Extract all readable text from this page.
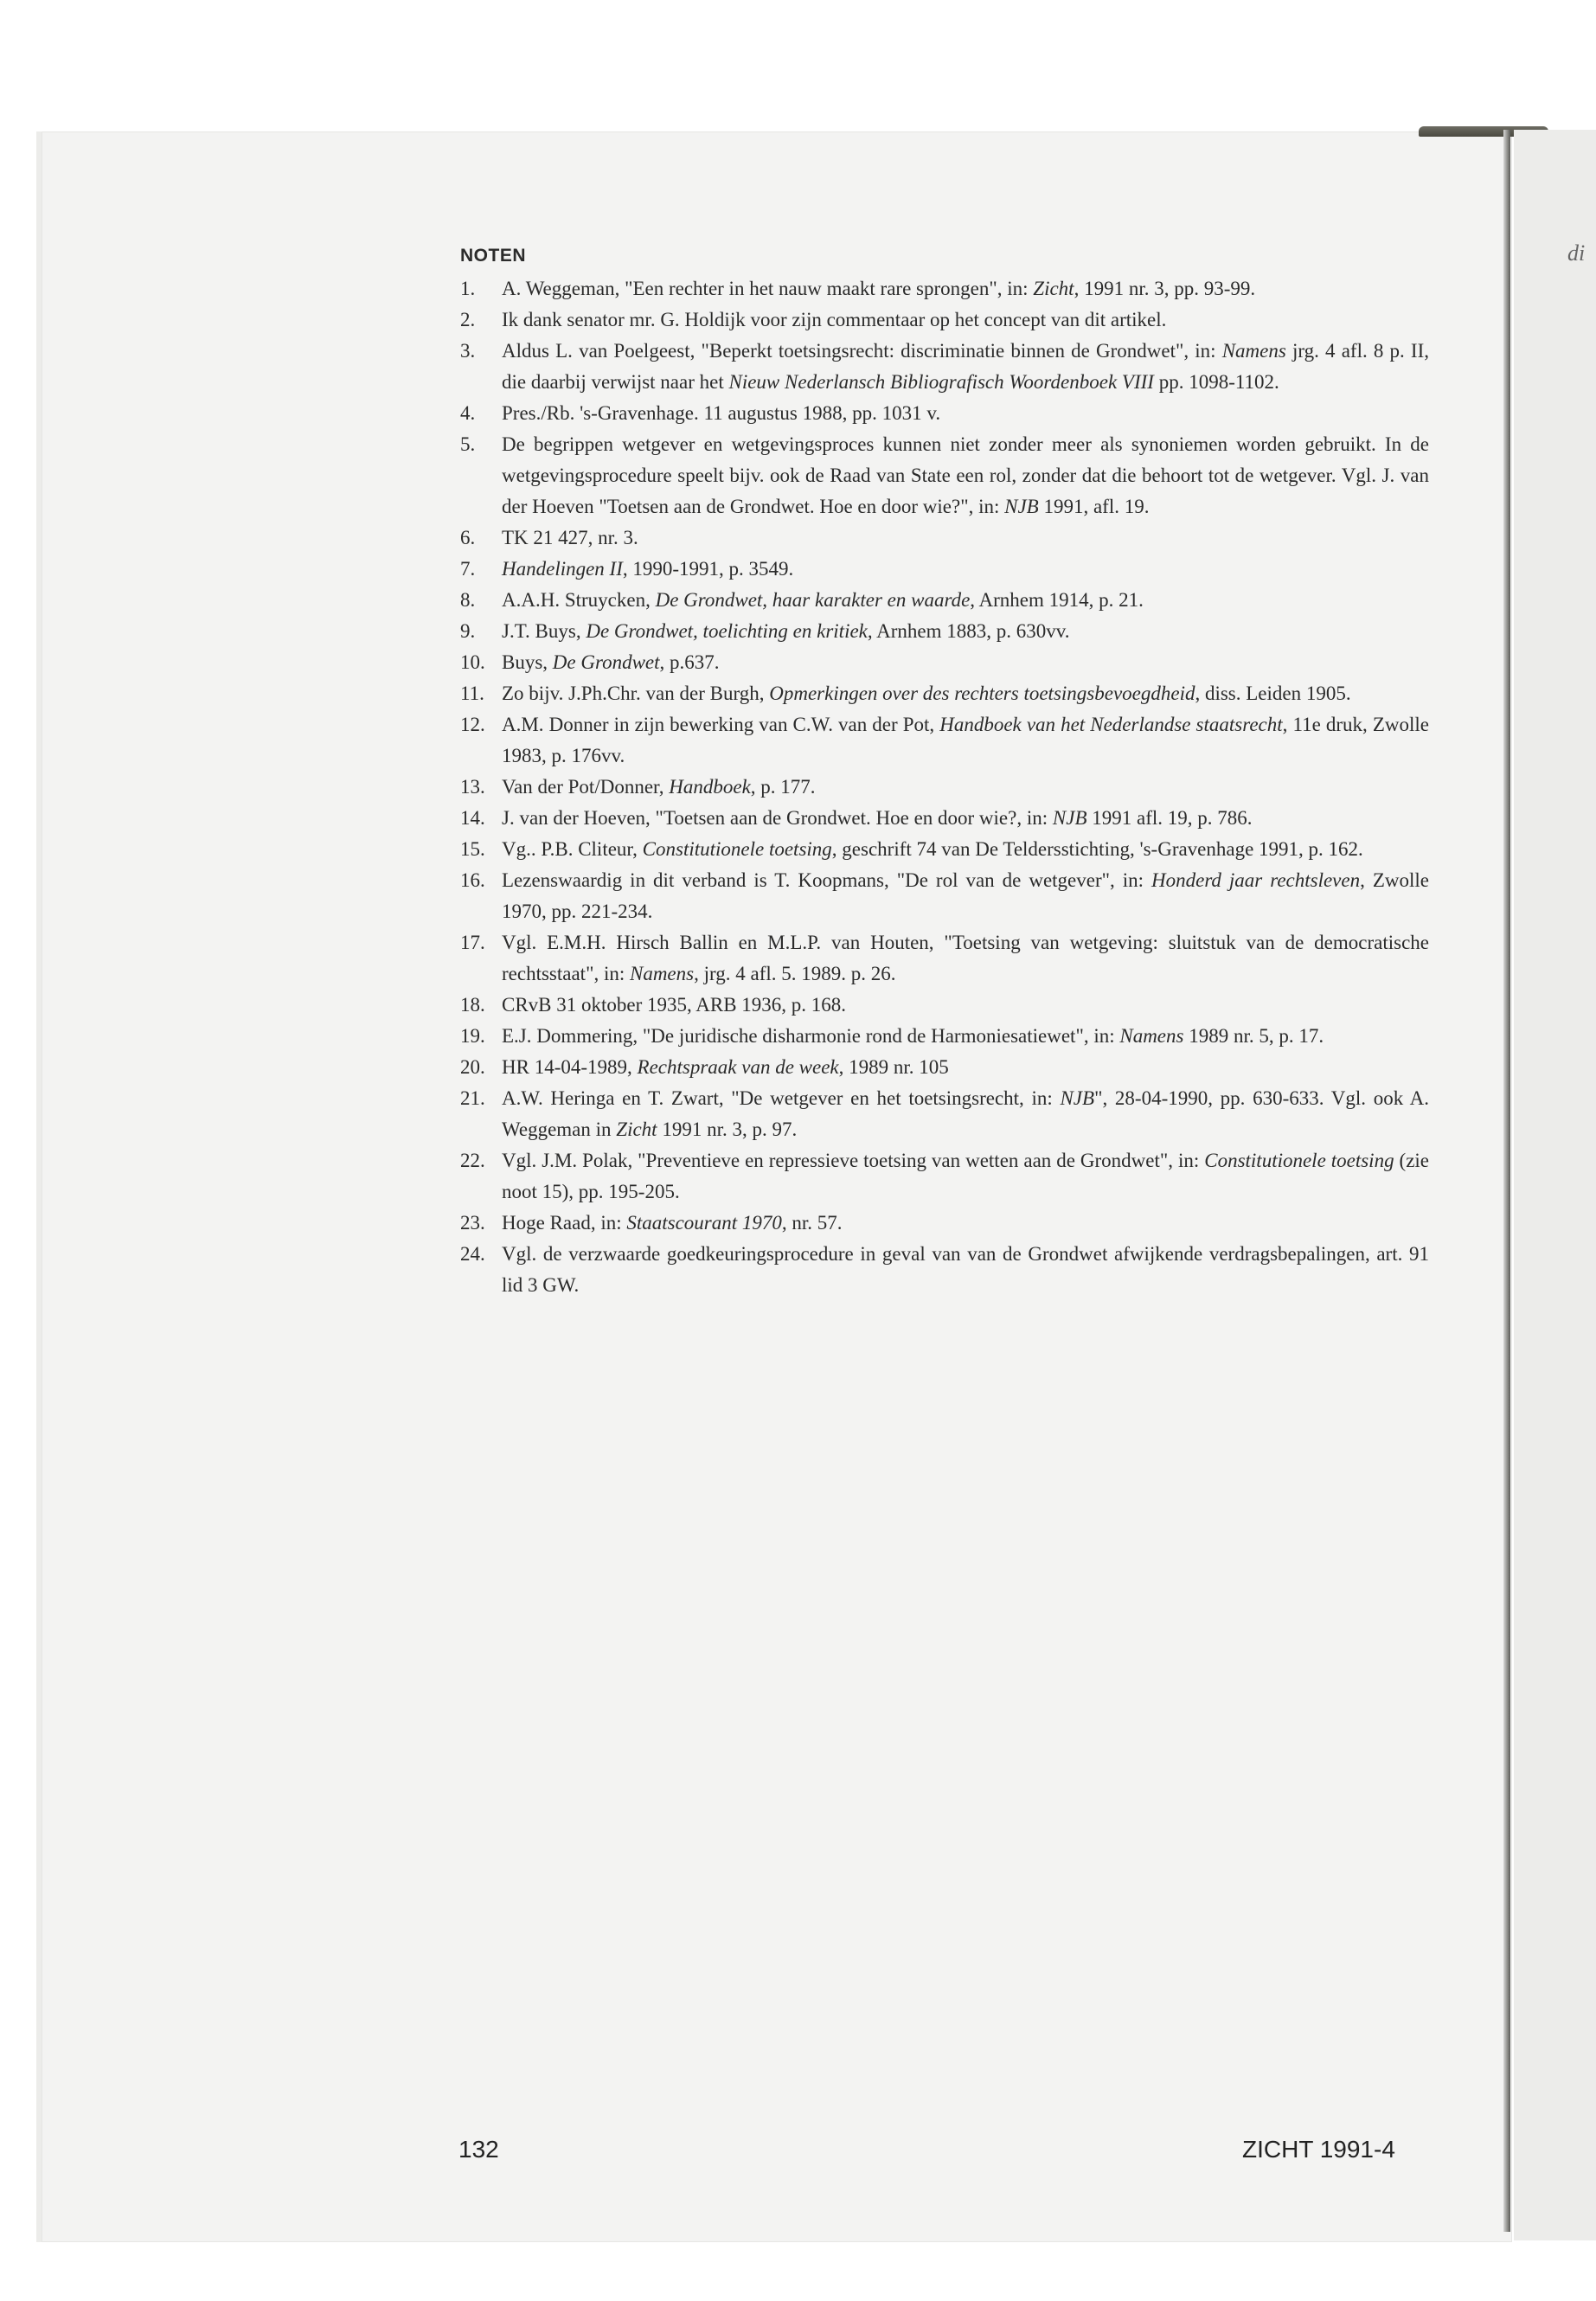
di
NOTEN
1.	A. Weggeman, "Een rechter in het nauw maakt rare sprongen", in: Zicht, 1991 nr. 3, pp. 93-99.
2.	Ik dank senator mr. G. Holdijk voor zijn commentaar op het concept van dit artikel.
3.	Aldus L. van Poelgeest, "Beperkt toetsingsrecht: discriminatie binnen de Grondwet", in: Namens jrg. 4 afl. 8 p. II, die daarbij verwijst naar het Nieuw Nederlansch Bibliografisch Woordenboek VIII pp. 1098-1102.
4.	Pres./Rb. 's-Gravenhage. 11 augustus 1988, pp. 1031 v.
5.	De begrippen wetgever en wetgevingsproces kunnen niet zonder meer als synoniemen worden gebruikt. In de wetgevingsprocedure speelt bijv. ook de Raad van State een rol, zonder dat die behoort tot de wetgever. Vgl. J. van der Hoeven "Toetsen aan de Grondwet. Hoe en door wie?", in: NJB 1991, afl. 19.
6.	TK 21 427, nr. 3.
7.	Handelingen II, 1990-1991, p. 3549.
8.	A.A.H. Struycken, De Grondwet, haar karakter en waarde, Arnhem 1914, p. 21.
9.	J.T. Buys, De Grondwet, toelichting en kritiek, Arnhem 1883, p. 630vv.
10. Buys, De Grondwet, p.637.
11. Zo bijv. J.Ph.Chr. van der Burgh, Opmerkingen over des rechters toetsingsbevoegdheid, diss. Leiden 1905.
12. A.M. Donner in zijn bewerking van C.W. van der Pot, Handboek van het Nederlandse staatsrecht, 11e druk, Zwolle 1983, p. 176vv.
13. Van der Pot/Donner, Handboek, p. 177.
14. J. van der Hoeven, "Toetsen aan de Grondwet. Hoe en door wie?, in: NJB 1991 afl. 19, p. 786.
15. Vg.. P.B. Cliteur, Constitutionele toetsing, geschrift 74 van De Teldersstichting, 's-Gravenhage 1991, p. 162.
16. Lezenswaardig in dit verband is T. Koopmans, "De rol van de wetgever", in: Honderd jaar rechtsleven, Zwolle 1970, pp. 221-234.
17. Vgl. E.M.H. Hirsch Ballin en M.L.P. van Houten, "Toetsing van wetgeving: sluitstuk van de democratische rechtsstaat", in: Namens, jrg. 4 afl. 5. 1989. p. 26.
18. CRvB 31 oktober 1935, ARB 1936, p. 168.
19. E.J. Dommering, "De juridische disharmonie rond de Harmoniesatiewet", in: Namens 1989 nr. 5, p. 17.
20. HR 14-04-1989, Rechtspraak van de week, 1989 nr. 105
21. A.W. Heringa en T. Zwart, "De wetgever en het toetsingsrecht, in: NJB", 28-04-1990, pp. 630-633. Vgl. ook A. Weggeman in Zicht 1991 nr. 3, p. 97.
22. Vgl. J.M. Polak, "Preventieve en repressieve toetsing van wetten aan de Grondwet", in: Constitutionele toetsing (zie noot 15), pp. 195-205.
23. Hoge Raad, in: Staatscourant 1970, nr. 57.
24. Vgl. de verzwaarde goedkeuringsprocedure in geval van van de Grondwet afwijkende verdragsbepalingen, art. 91 lid 3 GW.
132	ZICHT 1991-4
